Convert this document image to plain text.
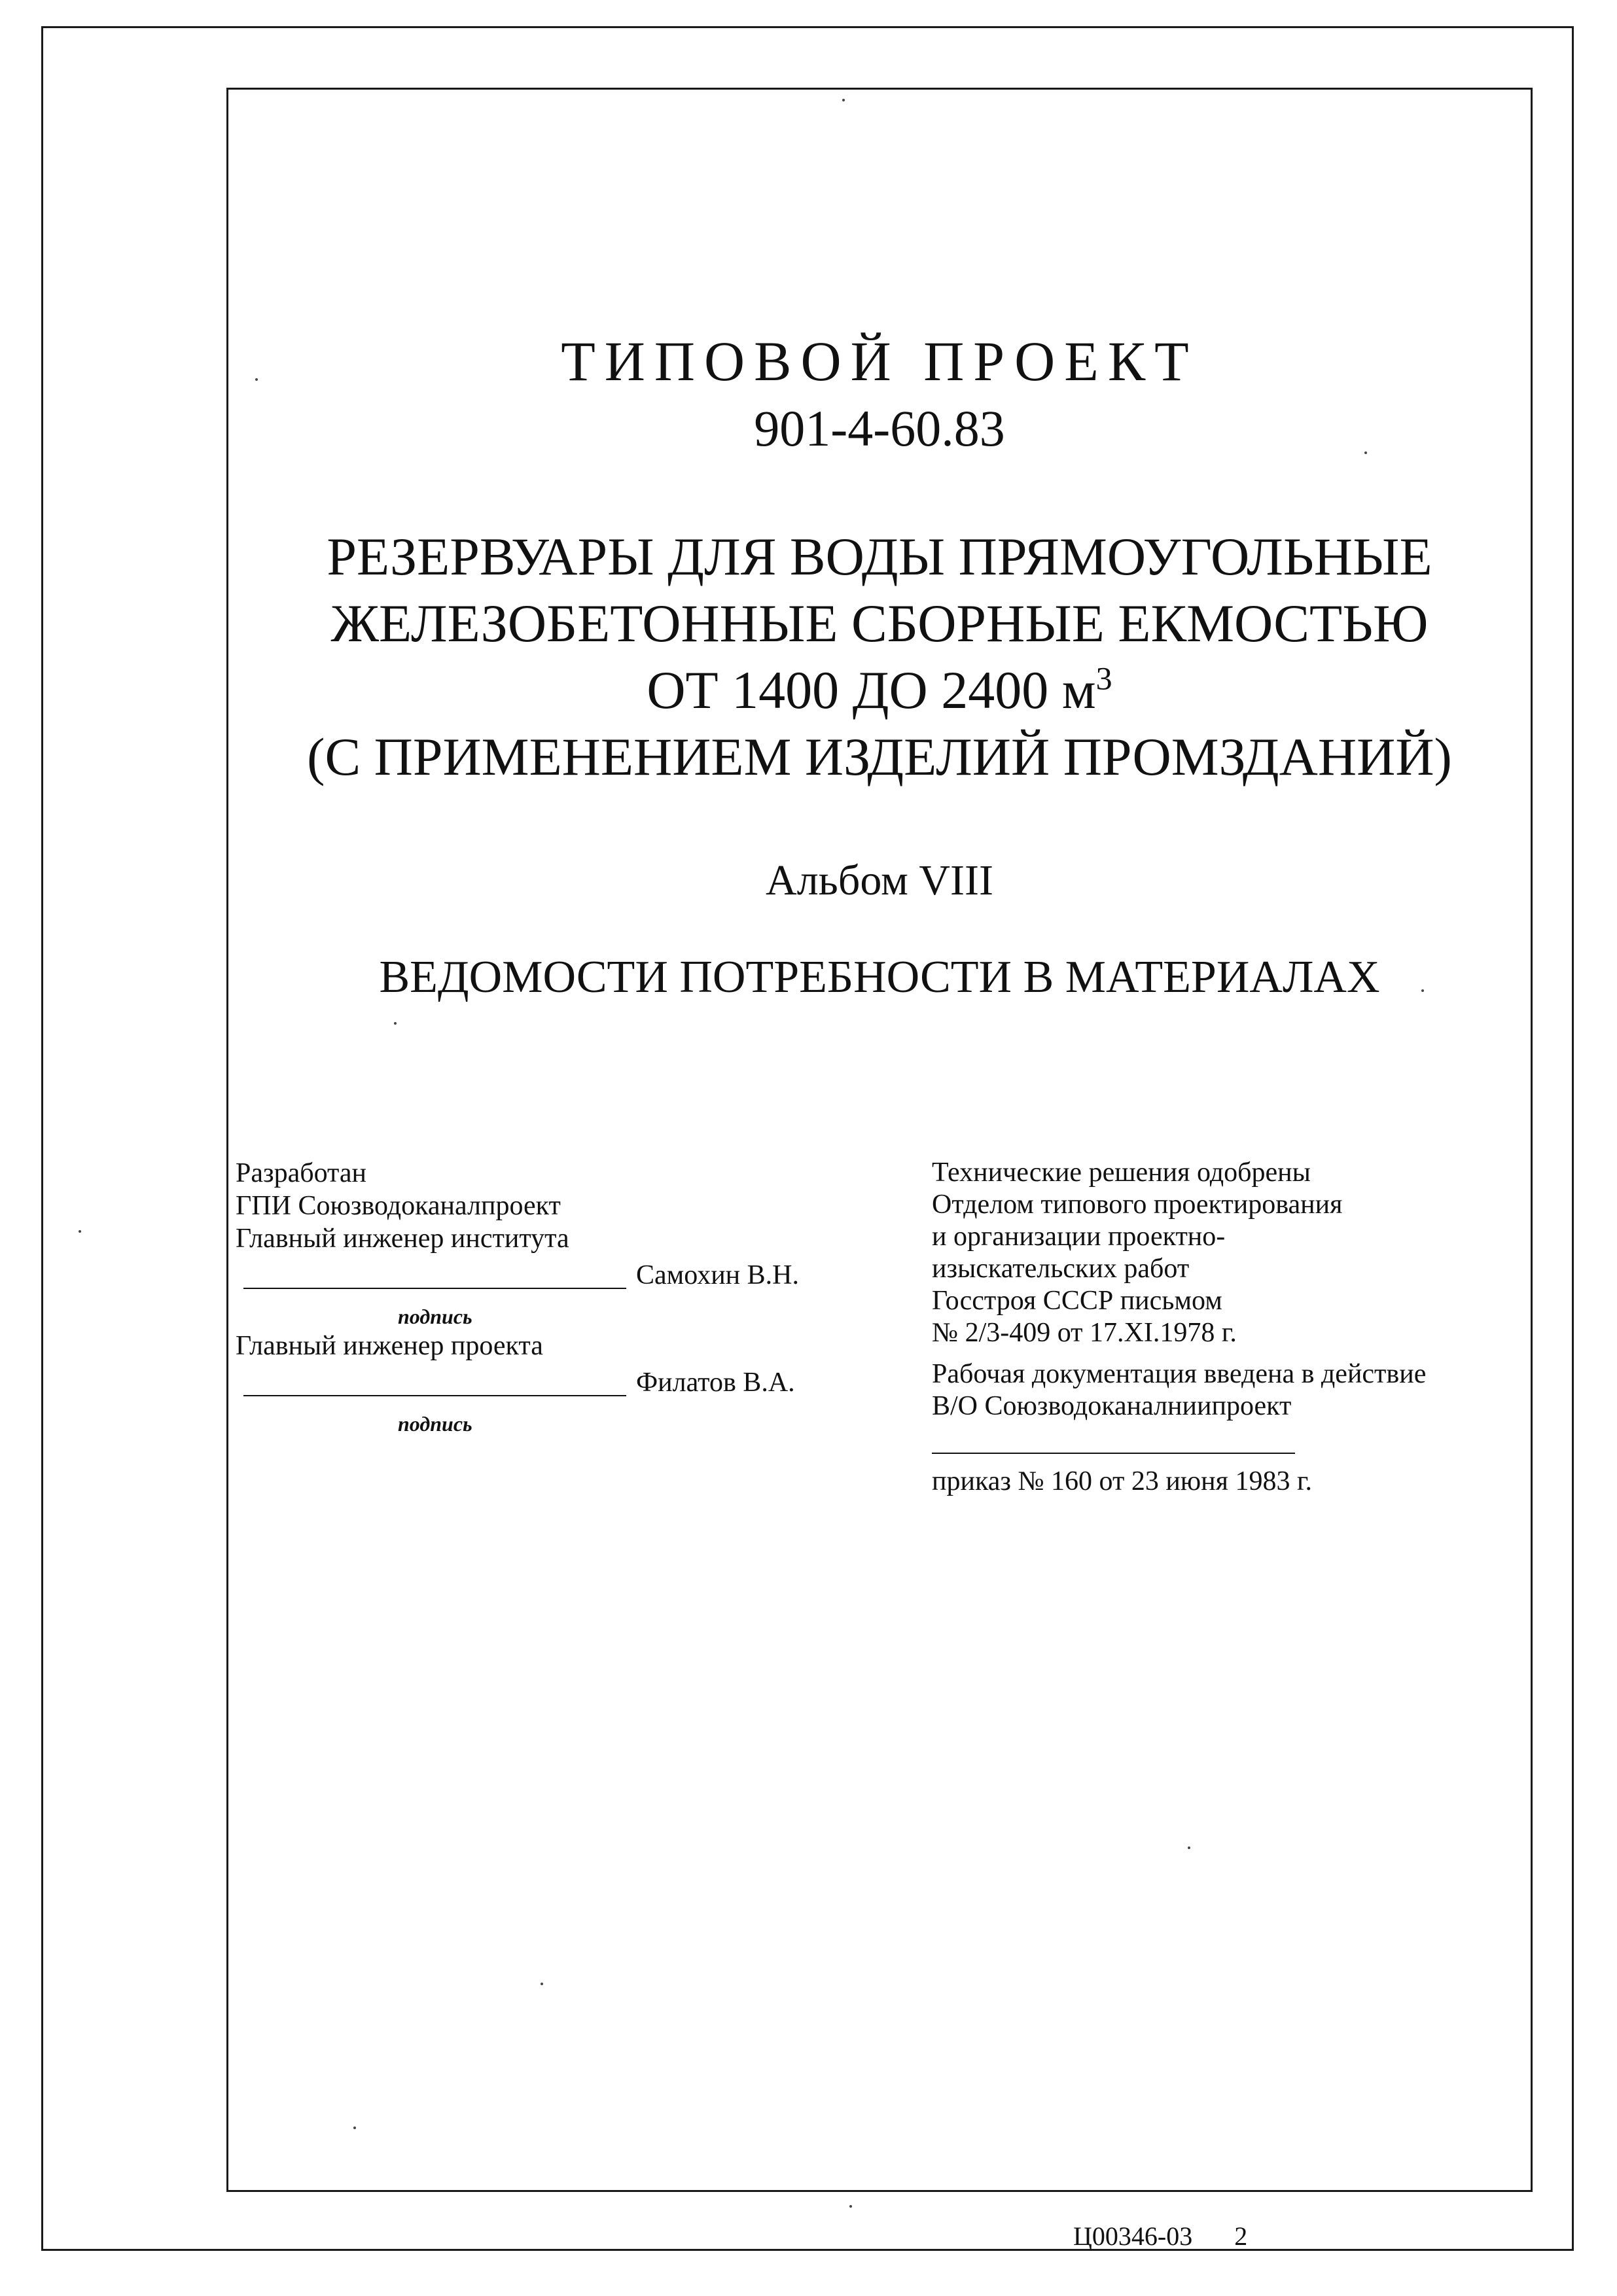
ТИПОВОЙ ПРОЕКТ
901-4-60.83
РЕЗЕРВУАРЫ ДЛЯ ВОДЫ ПРЯМОУГОЛЬНЫЕ
ЖЕЛЕЗОБЕТОННЫЕ СБОРНЫЕ ЕКМОСТЬЮ
ОТ 1400 ДО 2400 $м^3$
(С ПРИМЕНЕНИЕМ ИЗДЕЛИЙ ПРОМЗДАНИЙ)
Альбом VIII
ВЕДОМОСТИ ПОТРЕБНОСТИ В МАТЕРИАЛАХ
Разработан
ГПИ Союзводоканалпроект
Главный инженер института
Самохин В.Н.
подпись
Главный инженер проекта
Филатов В.А.
подпись
Технические решения одобрены
Отделом типового проектирования
и организации проектно-
изыскательских работ
Госстроя СССР письмом
№ 2/3-409 от 17.XI.1978 г.
Рабочая документация введена в действие
В/О Союзводоканалниипроект
приказ № 160 от 23 июня 1983 г.
Ц00346-03 2
